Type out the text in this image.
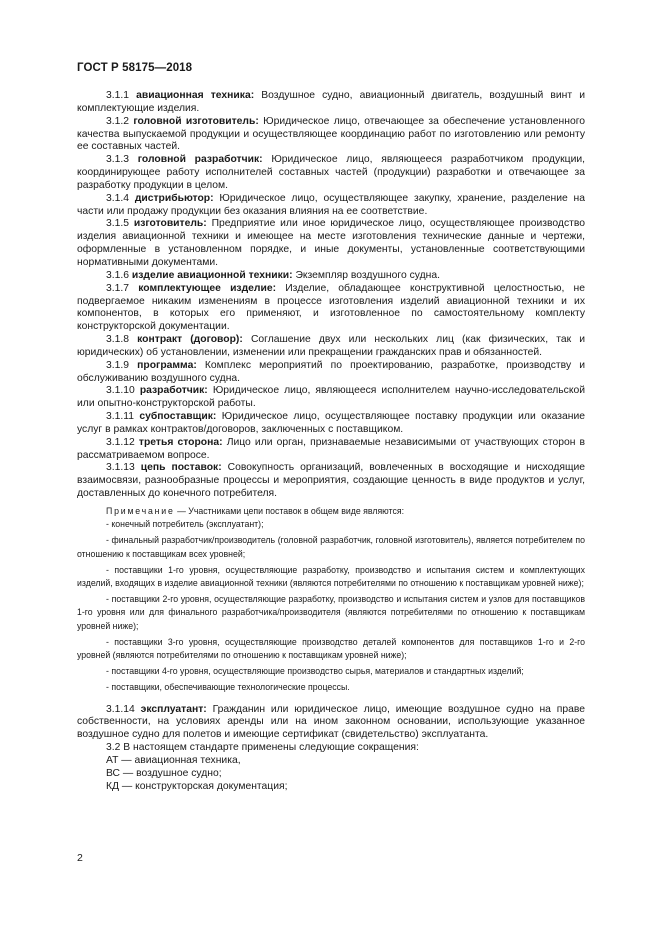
ГОСТ Р 58175—2018

3.1.1 авиационная техника: Воздушное судно, авиационный двигатель, воздушный винт и комплектующие изделия.

3.1.2 головной изготовитель: Юридическое лицо, отвечающее за обеспечение установленного качества выпускаемой продукции и осуществляющее координацию работ по изготовлению или ремонту ее составных частей.

3.1.3 головной разработчик: Юридическое лицо, являющееся разработчиком продукции, координирующее работу исполнителей составных частей (продукции) разработки и отвечающее за разработку продукции в целом.

3.1.4 дистрибьютор: Юридическое лицо, осуществляющее закупку, хранение, разделение на части или продажу продукции без оказания влияния на ее соответствие.

3.1.5 изготовитель: Предприятие или иное юридическое лицо, осуществляющее производство изделия авиационной техники и имеющее на месте изготовления технические данные и чертежи, оформленные в установленном порядке, и иные документы, установленные соответствующими нормативными документами.

3.1.6 изделие авиационной техники: Экземпляр воздушного судна.

3.1.7 комплектующее изделие: Изделие, обладающее конструктивной целостностью, не подвергаемое никаким изменениям в процессе изготовления изделий авиационной техники и их компонентов, в которых его применяют, и изготовленное по самостоятельному комплекту конструкторской документации.

3.1.8 контракт (договор): Соглашение двух или нескольких лиц (как физических, так и юридических) об установлении, изменении или прекращении гражданских прав и обязанностей.

3.1.9 программа: Комплекс мероприятий по проектированию, разработке, производству и обслуживанию воздушного судна.

3.1.10 разработчик: Юридическое лицо, являющееся исполнителем научно-исследовательской или опытно-конструкторской работы.

3.1.11 субпоставщик: Юридическое лицо, осуществляющее поставку продукции или оказание услуг в рамках контрактов/договоров, заключенных с поставщиком.

3.1.12 третья сторона: Лицо или орган, признаваемые независимыми от участвующих сторон в рассматриваемом вопросе.

3.1.13 цепь поставок: Совокупность организаций, вовлеченных в восходящие и нисходящие взаимосвязи, разнообразные процессы и мероприятия, создающие ценность в виде продуктов и услуг, доставленных до конечного потребителя.

Примечание — Участниками цепи поставок в общем виде являются:

- конечный потребитель (эксплуатант);

- финальный разработчик/производитель (головной разработчик, головной изготовитель), является потребителем по отношению к поставщикам всех уровней;

- поставщики 1-го уровня, осуществляющие разработку, производство и испытания систем и комплектующих изделий, входящих в изделие авиационной техники (являются потребителями по отношению к поставщикам уровней ниже);

- поставщики 2-го уровня, осуществляющие разработку, производство и испытания систем и узлов для поставщиков 1-го уровня или для финального разработчика/производителя (являются потребителями по отношению к поставщикам уровней ниже);

- поставщики 3-го уровня, осуществляющие производство деталей компонентов для поставщиков 1-го и 2-го уровней (являются потребителями по отношению к поставщикам уровней ниже);

- поставщики 4-го уровня, осуществляющие производство сырья, материалов и стандартных изделий;

- поставщики, обеспечивающие технологические процессы.

3.1.14 эксплуатант: Гражданин или юридическое лицо, имеющие воздушное судно на праве собственности, на условиях аренды или на ином законном основании, использующие указанное воздушное судно для полетов и имеющие сертификат (свидетельство) эксплуатанта.

3.2 В настоящем стандарте применены следующие сокращения:

АТ — авиационная техника,

ВС — воздушное судно;

КД — конструкторская документация;

2
